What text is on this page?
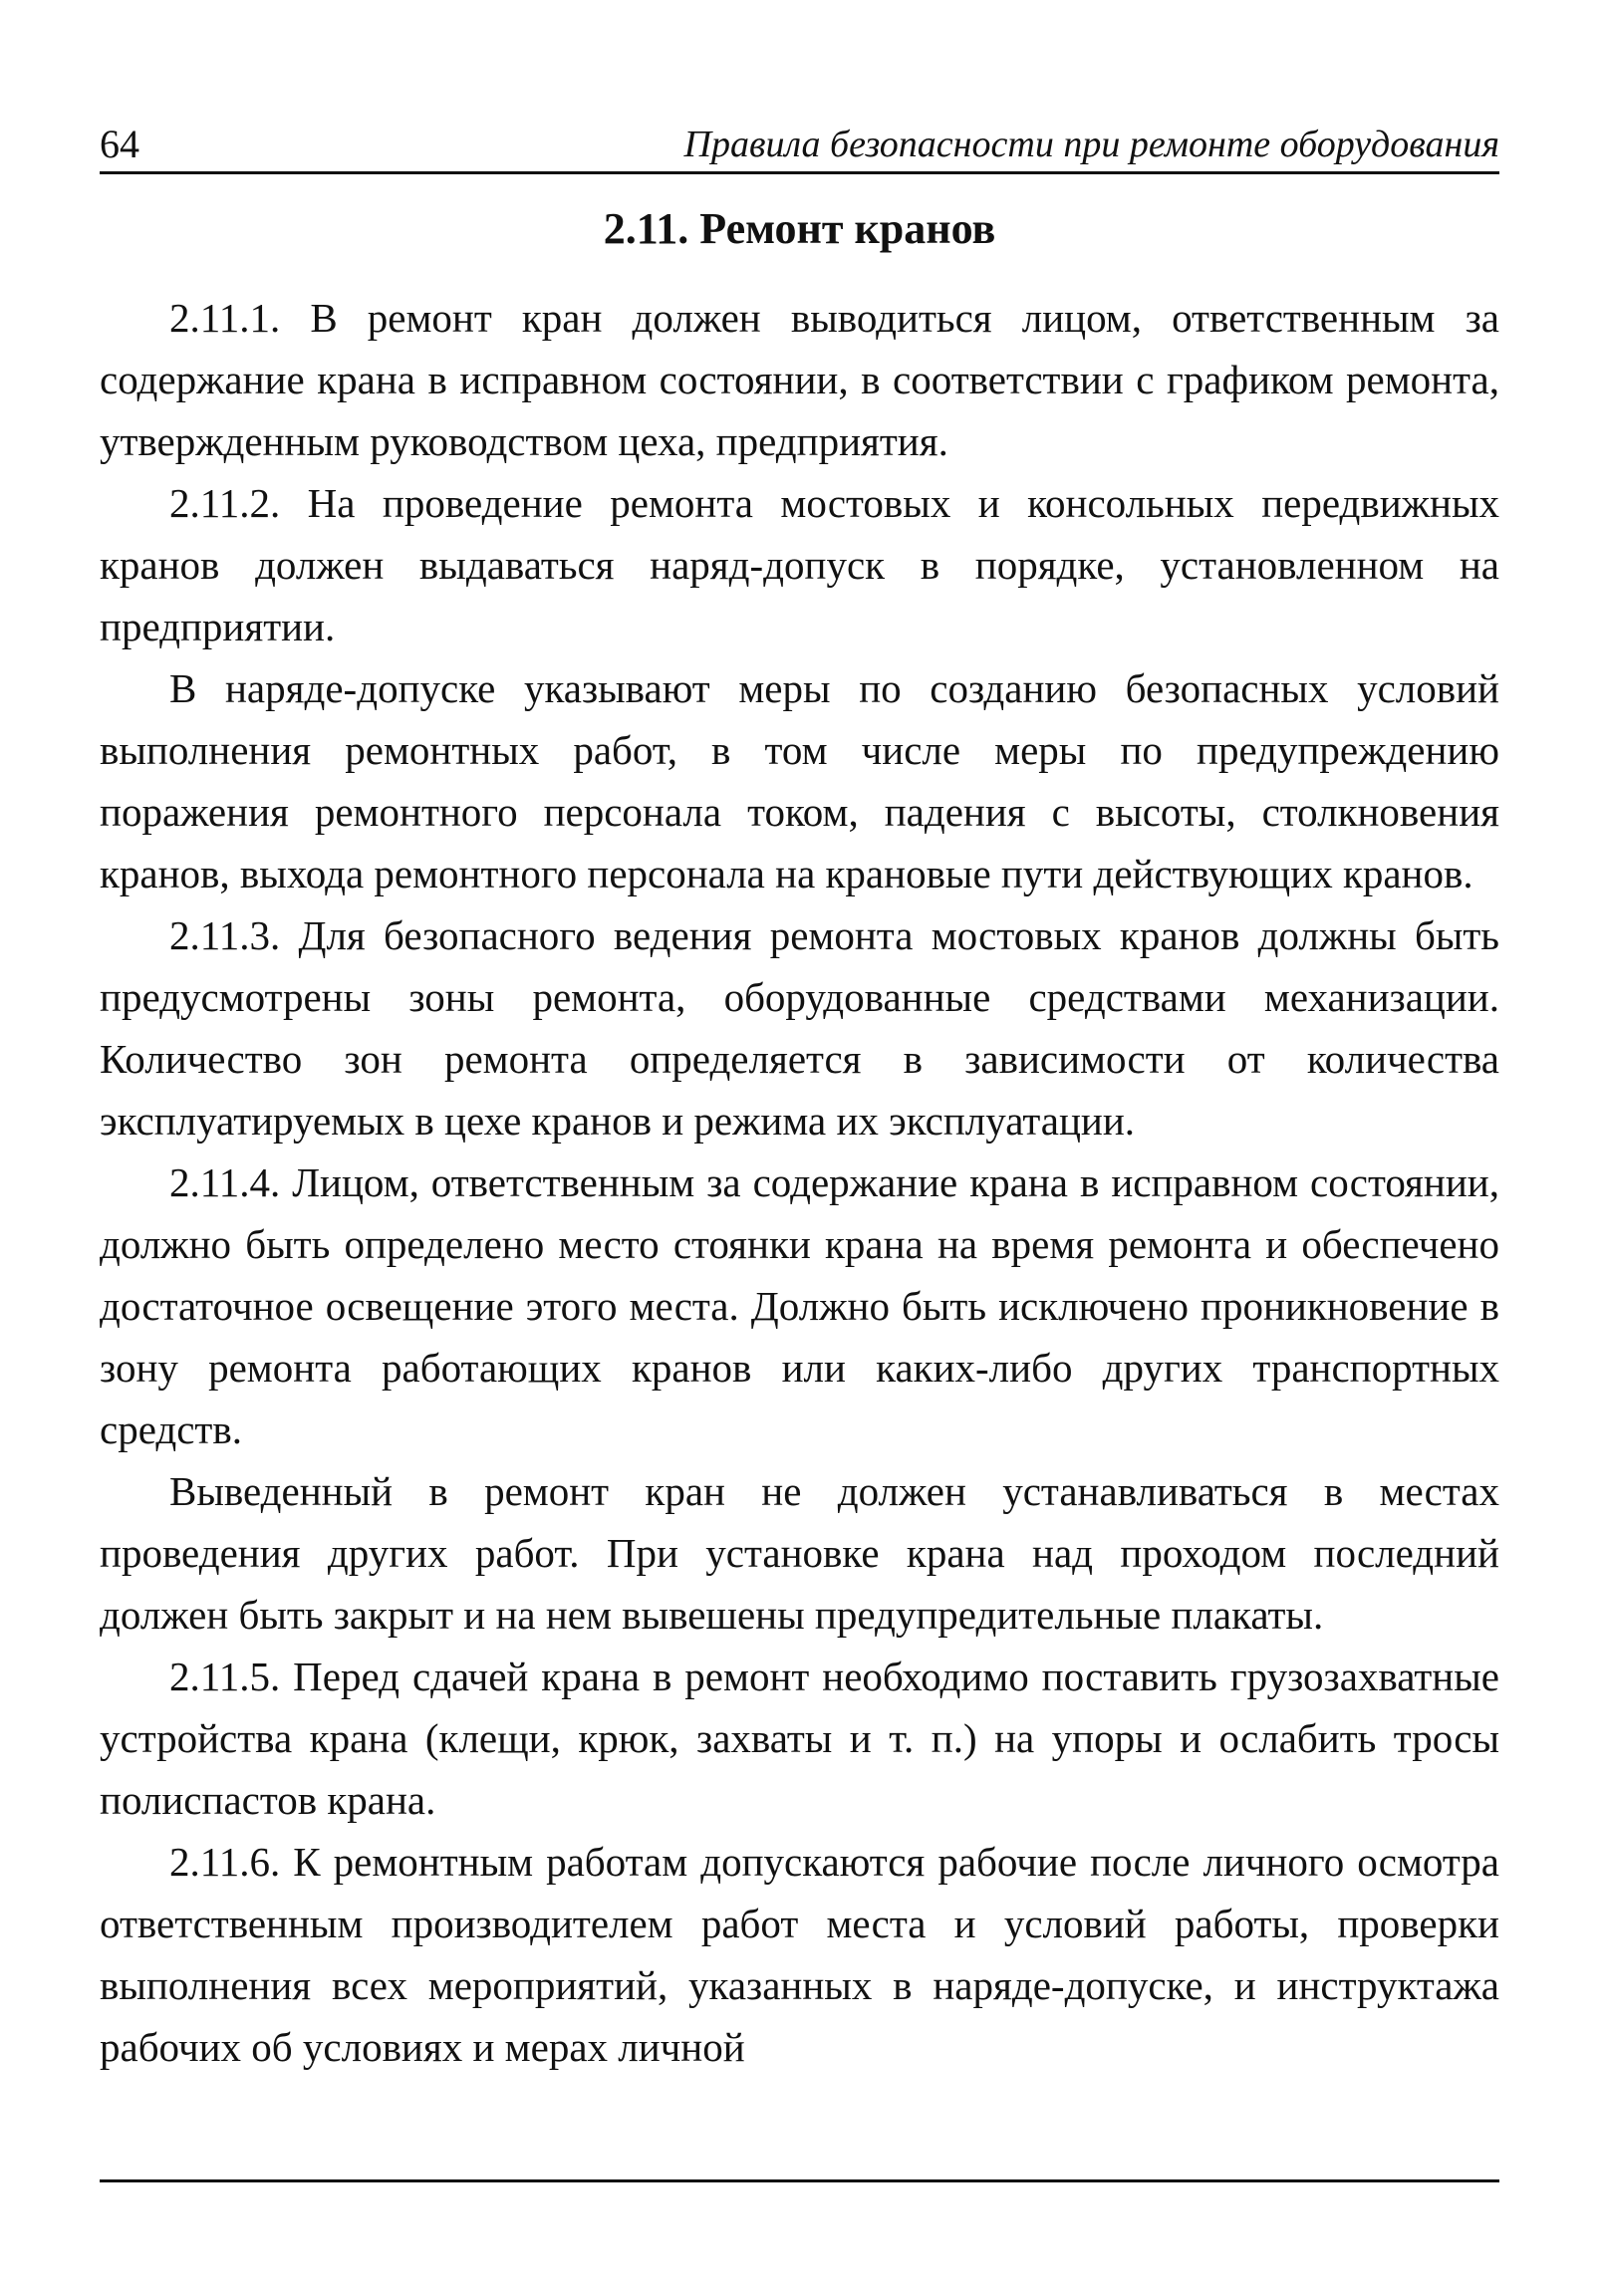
64	Правила безопасности при ремонте оборудования
2.11. Ремонт кранов

2.11.1. В ремонт кран должен выводиться лицом, ответственным за содержание крана в исправном состоянии, в соответствии с графиком ремонта, утвержденным руководством цеха, предприятия.

2.11.2. На проведение ремонта мостовых и консольных передвижных кранов должен выдаваться наряд-допуск в порядке, установленном на предприятии.

В наряде-допуске указывают меры по созданию безопасных условий выполнения ремонтных работ, в том числе меры по предупреждению поражения ремонтного персонала током, падения с высоты, столкновения кранов, выхода ремонтного персонала на крановые пути действующих кранов.

2.11.3. Для безопасного ведения ремонта мостовых кранов должны быть предусмотрены зоны ремонта, оборудованные средствами механизации. Количество зон ремонта определяется в зависимости от количества эксплуатируемых в цехе кранов и режима их эксплуатации.

2.11.4. Лицом, ответственным за содержание крана в исправном состоянии, должно быть определено место стоянки крана на время ремонта и обеспечено достаточное освещение этого места. Должно быть исключено проникновение в зону ремонта работающих кранов или каких-либо других транспортных средств.

Выведенный в ремонт кран не должен устанавливаться в местах проведения других работ. При установке крана над проходом последний должен быть закрыт и на нем вывешены предупредительные плакаты.

2.11.5. Перед сдачей крана в ремонт необходимо поставить грузозахватные устройства крана (клещи, крюк, захваты и т. п.) на упоры и ослабить тросы полиспастов крана.

2.11.6. К ремонтным работам допускаются рабочие после личного осмотра ответственным производителем работ места и условий работы, проверки выполнения всех мероприятий, указанных в наряде-допуске, и инструктажа рабочих об условиях и мерах личной
